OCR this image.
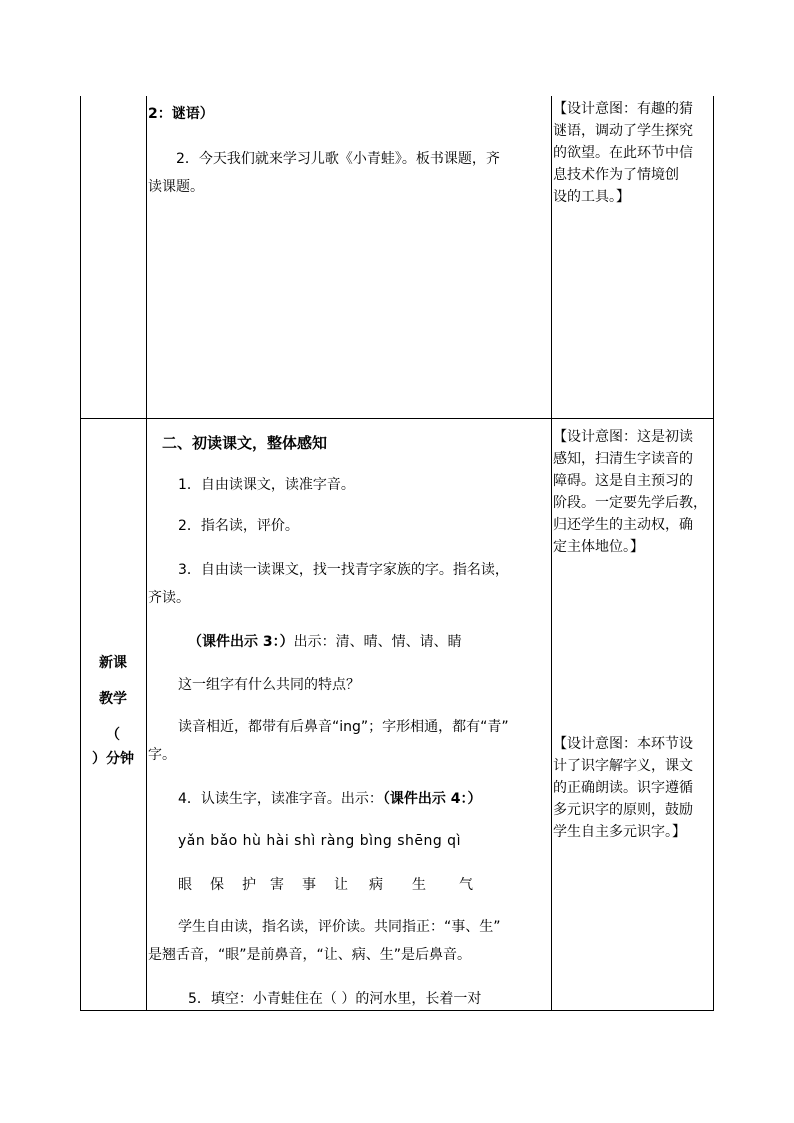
2：谜语）
2．今天我们就来学习儿歌《小青蛙》。板书课题，齐
读课题。
【设计意图：有趣的猜
谜语，调动了学生探究
的欲望。在此环节中信
息技术作为了情境创
设的工具。】
新课
教学
（
）分钟
二、初读课文，整体感知
1．自由读课文，读准字音。
2．指名读，评价。
3．自由读一读课文，找一找青字家族的字。指名读，
齐读。
（课件出示 3：）出示：清、晴、情、请、睛
这一组字有什么共同的特点？
读音相近，都带有后鼻音“ing”；字形相通，都有“青”
字。
4．认读生字，读准字音。出示：（课件出示 4：）
yǎn bǎo hù hài shì ràng bìng shēng qì
眼 保 护 害 事 让 病 生 气
学生自由读，指名读，评价读。共同指正：“事、生”
是翘舌音，“眼”是前鼻音，“让、病、生”是后鼻音。
5．填空：小青蛙住在（ ）的河水里，长着一对
【设计意图：这是初读
感知，扫清生字读音的
障碍。这是自主预习的
阶段。一定要先学后教，
归还学生的主动权，确
定主体地位。】
【设计意图：本环节设
计了识字解字义，课文
的正确朗读。识字遵循
多元识字的原则，鼓励
学生自主多元识字。】
